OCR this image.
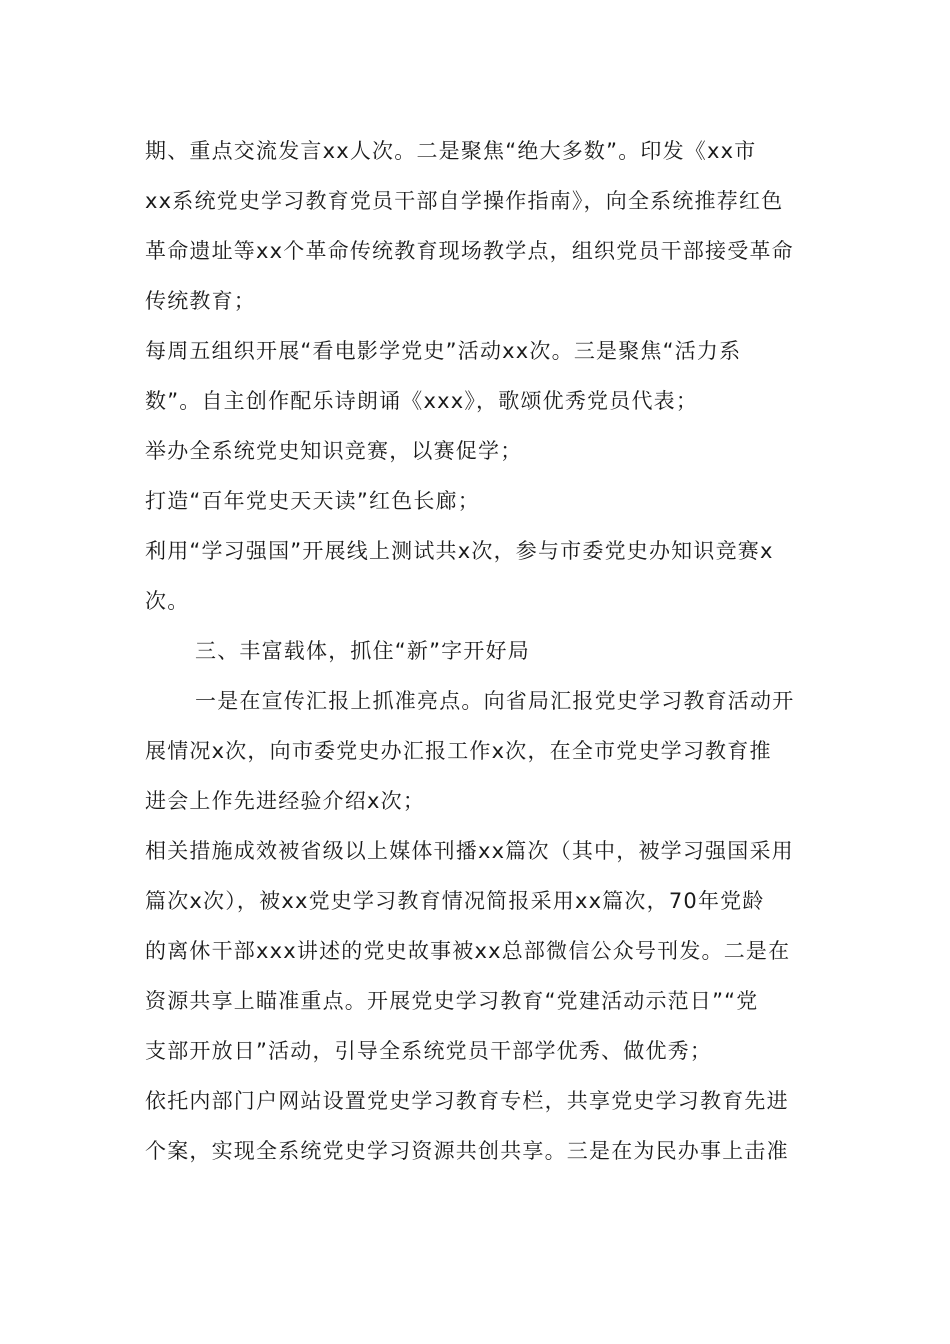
期、重点交流发言xx人次。二是聚焦“绝大多数”。印发《xx市
xx系统党史学习教育党员干部自学操作指南》，向全系统推荐红色
革命遗址等xx个革命传统教育现场教学点，组织党员干部接受革命
传统教育；
每周五组织开展“看电影学党史”活动xx次。三是聚焦“活力系
数”。自主创作配乐诗朗诵《xxx》，歌颂优秀党员代表；
举办全系统党史知识竞赛，以赛促学；
打造“百年党史天天读”红色长廊；
利用“学习强国”开展线上测试共x次，参与市委党史办知识竞赛x
次。
三、丰富载体，抓住“新”字开好局
一是在宣传汇报上抓准亮点。向省局汇报党史学习教育活动开
展情况x次，向市委党史办汇报工作x次，在全市党史学习教育推
进会上作先进经验介绍x次；
相关措施成效被省级以上媒体刊播xx篇次（其中，被学习强国采用
篇次x次），被xx党史学习教育情况简报采用xx篇次，70年党龄
的离休干部xxx讲述的党史故事被xx总部微信公众号刊发。二是在
资源共享上瞄准重点。开展党史学习教育“党建活动示范日”“党
支部开放日”活动，引导全系统党员干部学优秀、做优秀；
依托内部门户网站设置党史学习教育专栏，共享党史学习教育先进
个案，实现全系统党史学习资源共创共享。三是在为民办事上击准
